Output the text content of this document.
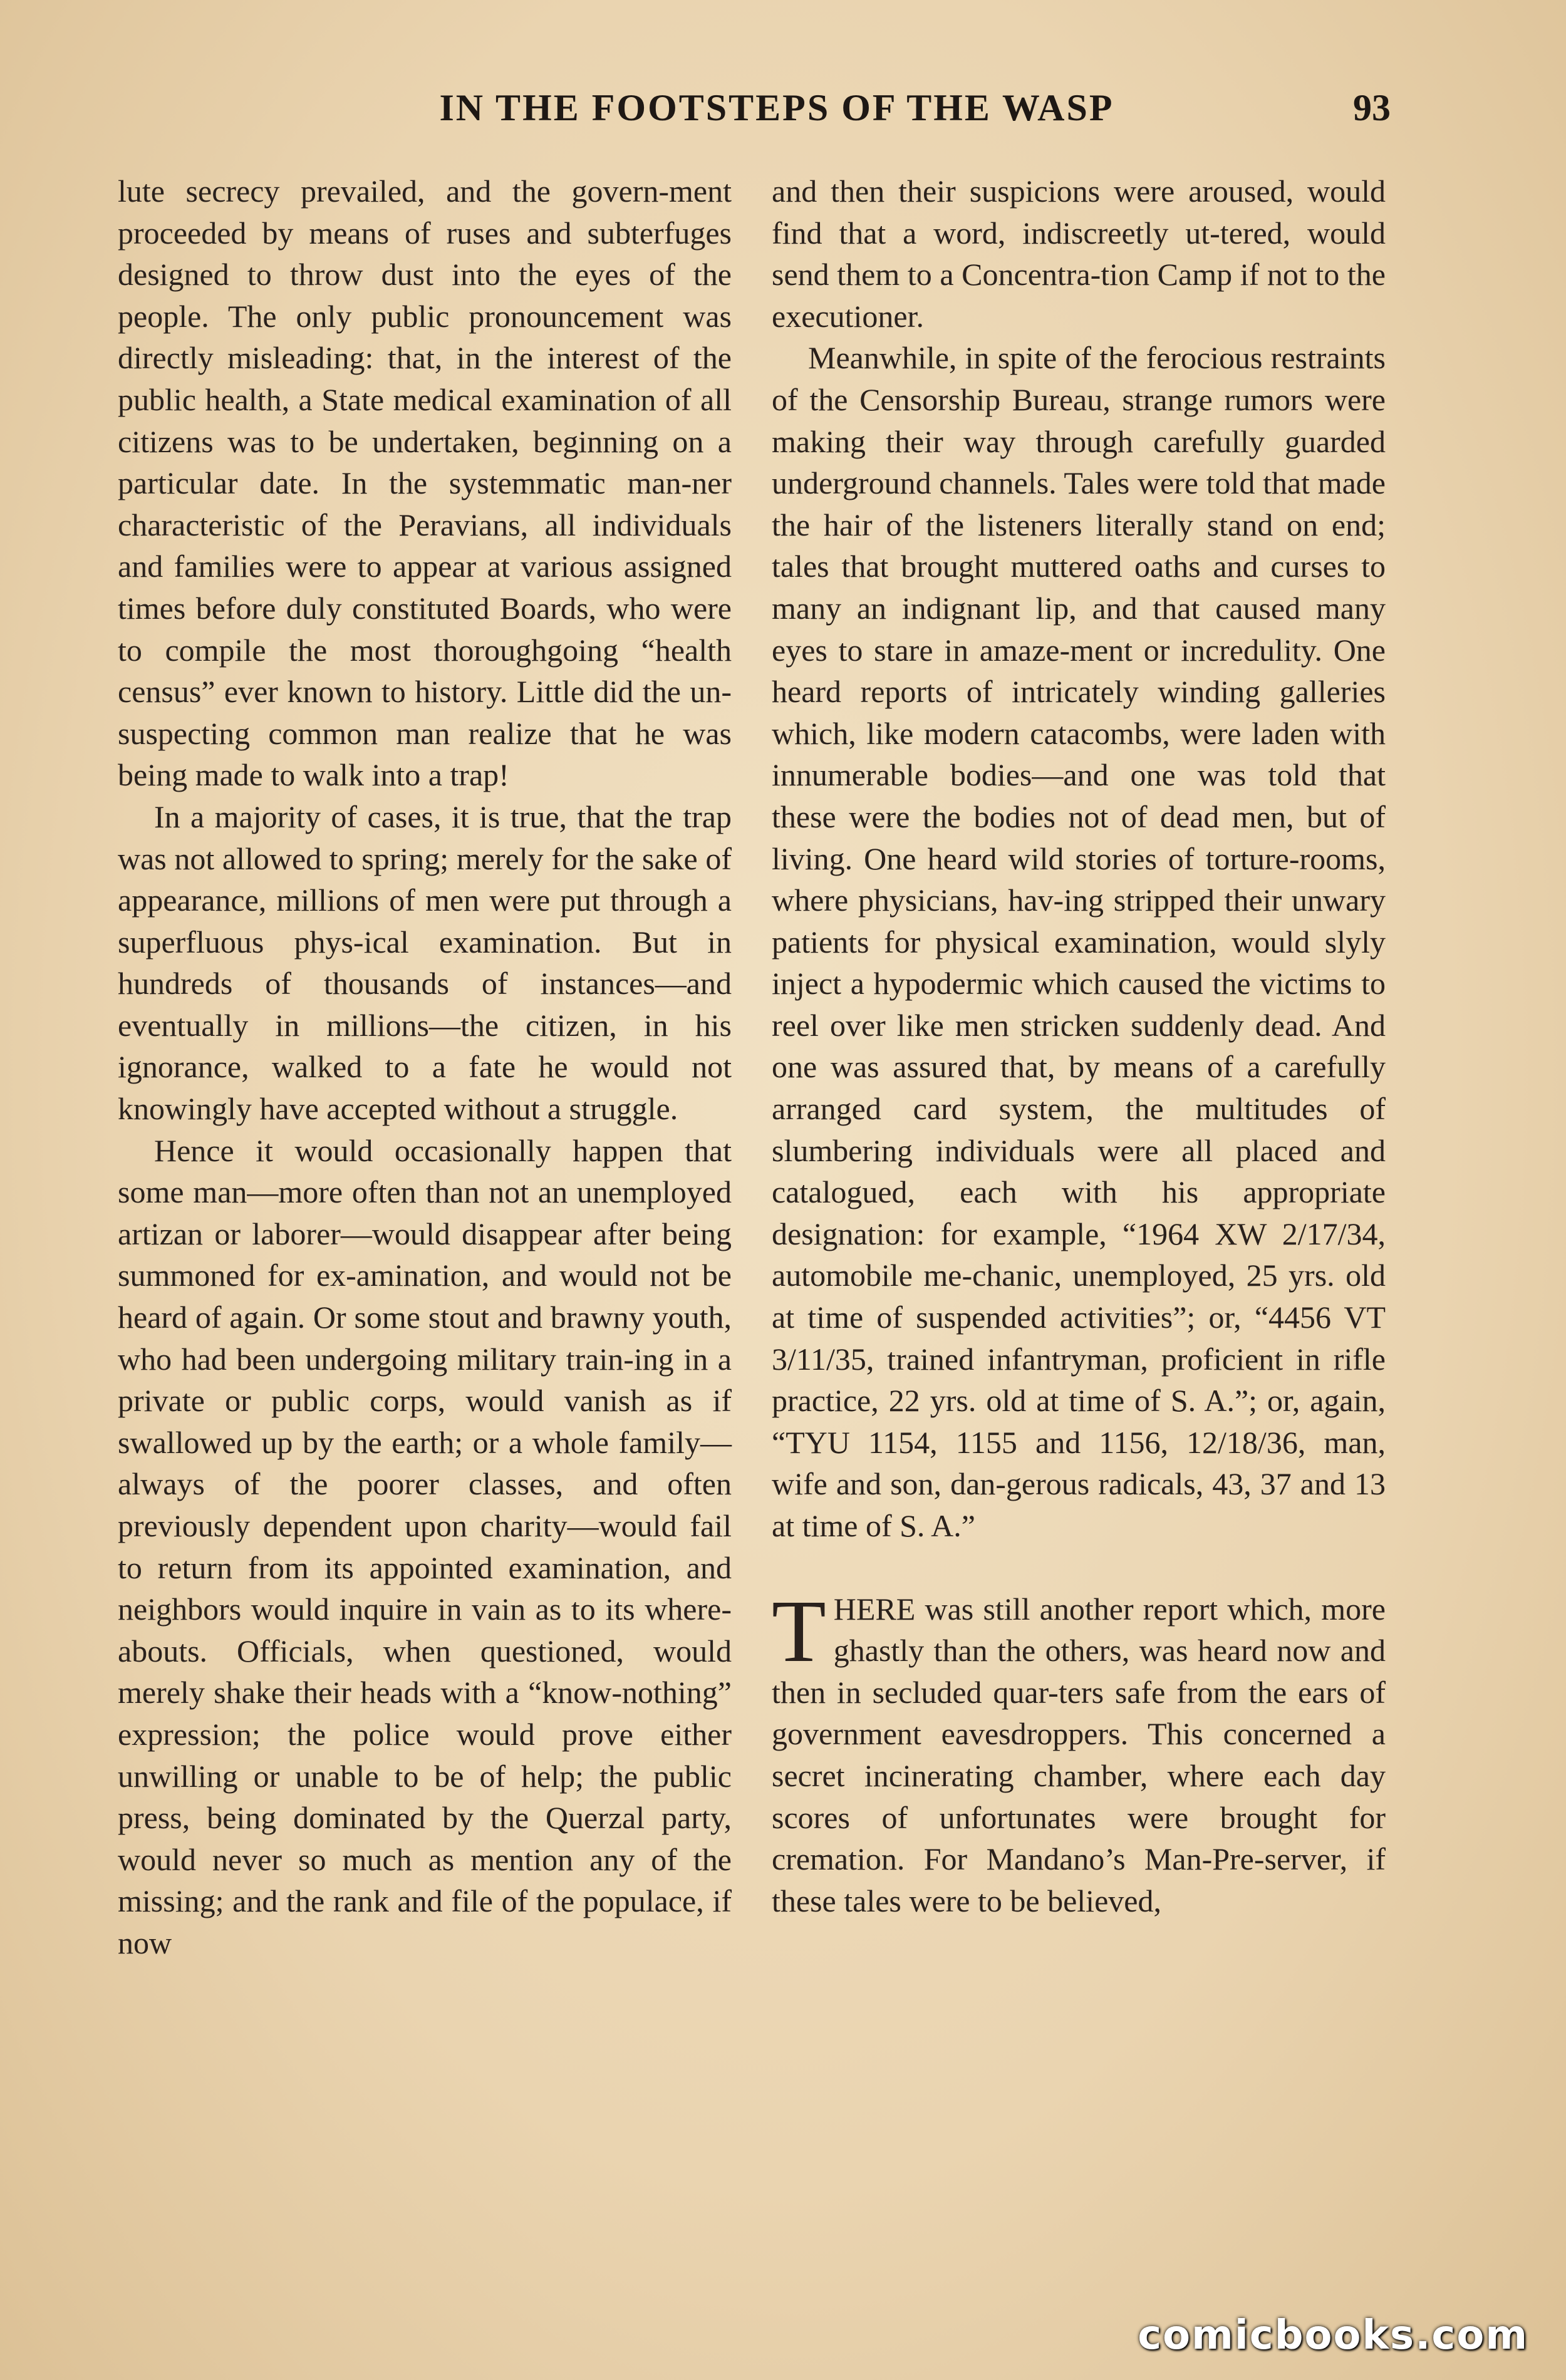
IN THE FOOTSTEPS OF THE WASP	93

lute secrecy prevailed, and the govern-ment proceeded by means of ruses and subterfuges designed to throw dust into the eyes of the people. The only public pronouncement was directly misleading: that, in the interest of the public health, a State medical examination of all citizens was to be undertaken, beginning on a particular date. In the systemmatic man-ner characteristic of the Peravians, all individuals and families were to appear at various assigned times before duly constituted Boards, who were to compile the most thoroughgoing “health census” ever known to history. Little did the un-suspecting common man realize that he was being made to walk into a trap!

In a majority of cases, it is true, that the trap was not allowed to spring; merely for the sake of appearance, millions of men were put through a superfluous phys-ical examination. But in hundreds of thousands of instances—and eventually in millions—the citizen, in his ignorance, walked to a fate he would not knowingly have accepted without a struggle.

Hence it would occasionally happen that some man—more often than not an unemployed artizan or laborer—would disappear after being summoned for ex-amination, and would not be heard of again. Or some stout and brawny youth, who had been undergoing military train-ing in a private or public corps, would vanish as if swallowed up by the earth; or a whole family—always of the poorer classes, and often previously dependent upon charity—would fail to return from its appointed examination, and neighbors would inquire in vain as to its where-abouts. Officials, when questioned, would merely shake their heads with a “know-nothing” expression; the police would prove either unwilling or unable to be of help; the public press, being dominated by the Querzal party, would never so much as mention any of the missing; and the rank and file of the populace, if now

and then their suspicions were aroused, would find that a word, indiscreetly ut-tered, would send them to a Concentra-tion Camp if not to the executioner.

Meanwhile, in spite of the ferocious restraints of the Censorship Bureau, strange rumors were making their way through carefully guarded underground channels. Tales were told that made the hair of the listeners literally stand on end; tales that brought muttered oaths and curses to many an indignant lip, and that caused many eyes to stare in amaze-ment or incredulity. One heard reports of intricately winding galleries which, like modern catacombs, were laden with innumerable bodies—and one was told that these were the bodies not of dead men, but of living. One heard wild stories of torture-rooms, where physicians, hav-ing stripped their unwary patients for physical examination, would slyly inject a hypodermic which caused the victims to reel over like men stricken suddenly dead. And one was assured that, by means of a carefully arranged card system, the multitudes of slumbering individuals were all placed and catalogued, each with his appropriate designation: for example, “1964 XW 2/17/34, automobile me-chanic, unemployed, 25 yrs. old at time of suspended activities”; or, “4456 VT 3/11/35, trained infantryman, proficient in rifle practice, 22 yrs. old at time of S. A.”; or, again, “TYU 1154, 1155 and 1156, 12/18/36, man, wife and son, dan-gerous radicals, 43, 37 and 13 at time of S. A.”

THERE was still another report which, more ghastly than the others, was heard now and then in secluded quar-ters safe from the ears of government eavesdroppers. This concerned a secret incinerating chamber, where each day scores of unfortunates were brought for cremation. For Mandano’s Man-Pre-server, if these tales were to be believed,

comicbooks.com
